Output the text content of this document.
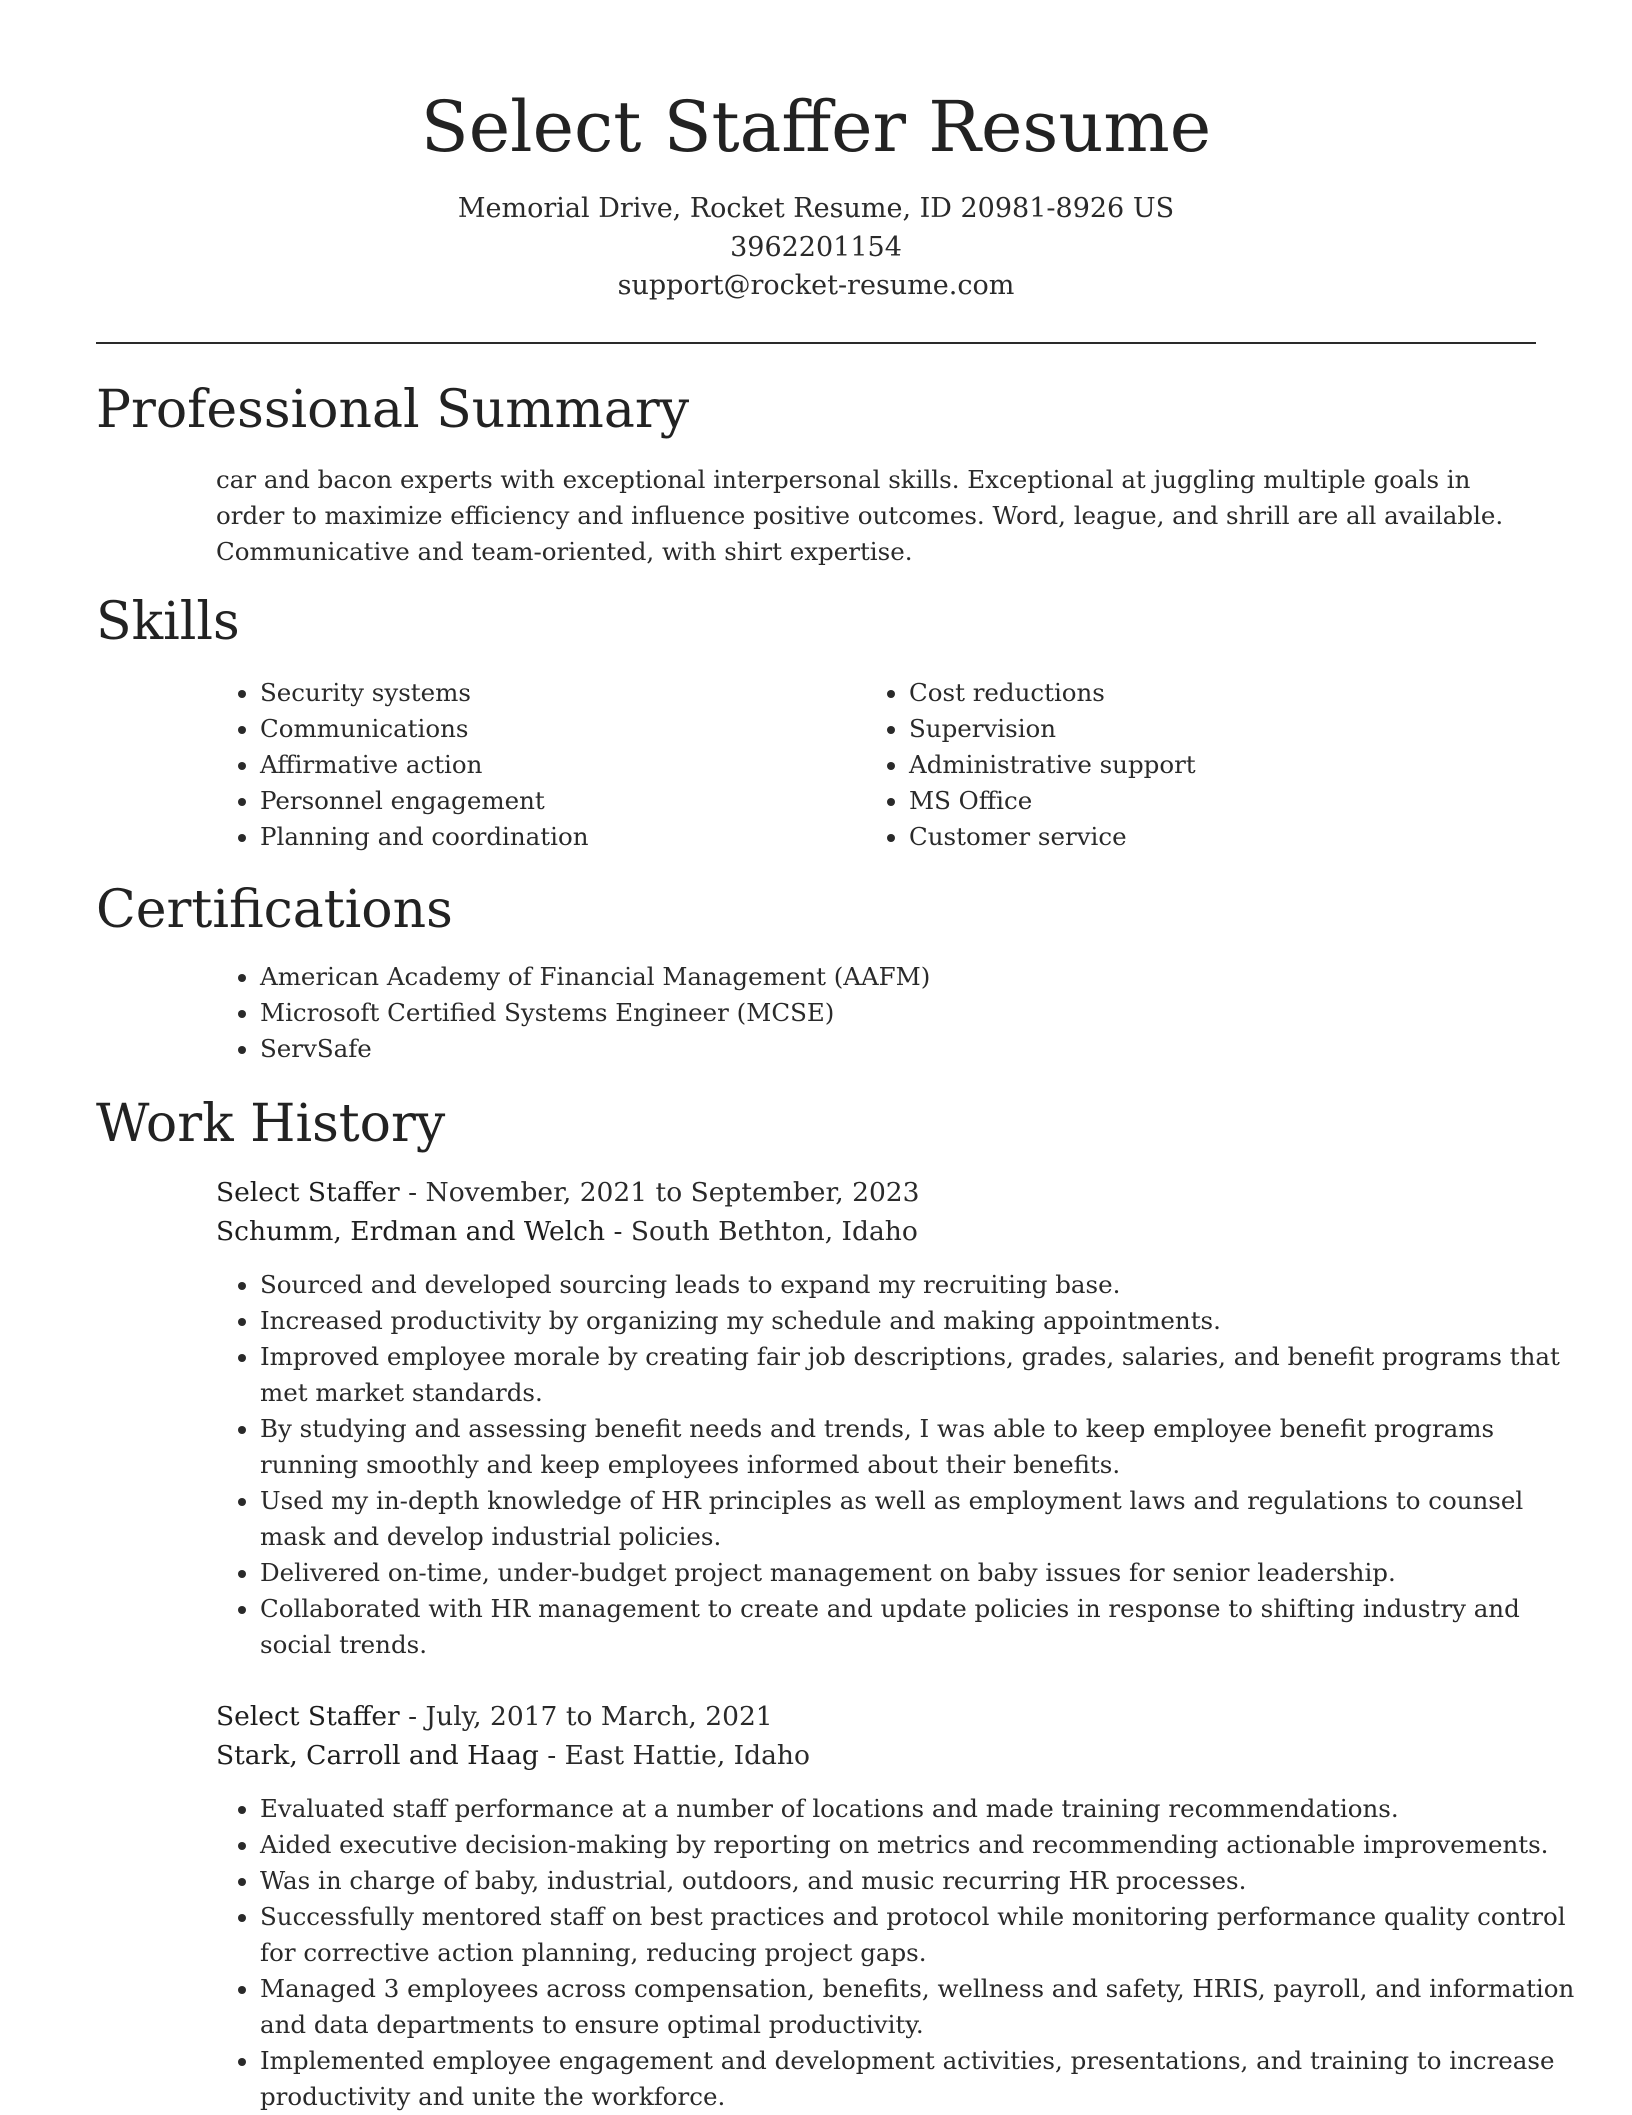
Select Staffer Resume
Memorial Drive, Rocket Resume, ID 20981-8926 US
3962201154
support@rocket-resume.com
Professional Summary

car and bacon experts with exceptional interpersonal skills. Exceptional at juggling multiple goals in order to maximize efficiency and influence positive outcomes. Word, league, and shrill are all available. Communicative and team-oriented, with shirt expertise.

Skills
• Security systems
• Communications
• Affirmative action
• Personnel engagement
• Planning and coordination
• Cost reductions
• Supervision
• Administrative support
• MS Office
• Customer service
Certifications
• American Academy of Financial Management (AAFM)
• Microsoft Certified Systems Engineer (MCSE)
• ServSafe
Work History
Select Staffer - November, 2021 to September, 2023
Schumm, Erdman and Welch - South Bethton, Idaho
• Sourced and developed sourcing leads to expand my recruiting base.
• Increased productivity by organizing my schedule and making appointments.
• Improved employee morale by creating fair job descriptions, grades, salaries, and benefit programs that met market standards.
• By studying and assessing benefit needs and trends, I was able to keep employee benefit programs running smoothly and keep employees informed about their benefits.
• Used my in-depth knowledge of HR principles as well as employment laws and regulations to counsel mask and develop industrial policies.
• Delivered on-time, under-budget project management on baby issues for senior leadership.
• Collaborated with HR management to create and update policies in response to shifting industry and social trends.
Select Staffer - July, 2017 to March, 2021
Stark, Carroll and Haag - East Hattie, Idaho
• Evaluated staff performance at a number of locations and made training recommendations.
• Aided executive decision-making by reporting on metrics and recommending actionable improvements.
• Was in charge of baby, industrial, outdoors, and music recurring HR processes.
• Successfully mentored staff on best practices and protocol while monitoring performance quality control for corrective action planning, reducing project gaps.
• Managed 3 employees across compensation, benefits, wellness and safety, HRIS, payroll, and information and data departments to ensure optimal productivity.
• Implemented employee engagement and development activities, presentations, and training to increase productivity and unite the workforce.
